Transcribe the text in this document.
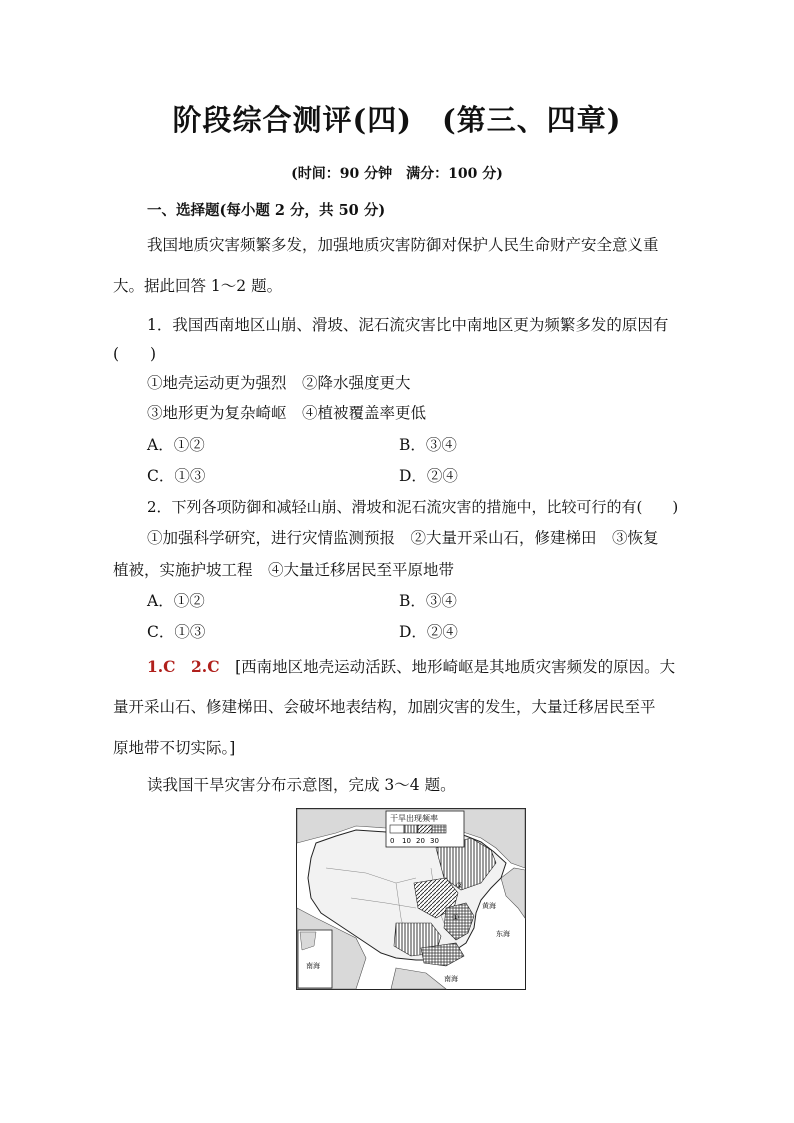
阶段综合测评(四)　(第三、四章)
(时间：90 分钟　满分：100 分)
一、选择题(每小题 2 分，共 50 分)
我国地质灾害频繁多发，加强地质灾害防御对保护人民生命财产安全意义重
大。据此回答 1～2 题。
1．我国西南地区山崩、滑坡、泥石流灾害比中南地区更为频繁多发的原因有
(　　)
①地壳运动更为强烈　②降水强度更大
③地形更为复杂崎岖　④植被覆盖率更低
A．①②	B．③④
C．①③	D．②④
2．下列各项防御和减轻山崩、滑坡和泥石流灾害的措施中，比较可行的有(　　)
①加强科学研究，进行灾情监测预报　②大量开采山石，修建梯田　③恢复
植被，实施护坡工程　④大量迁移居民至平原地带
A．①②	B．③④
C．①③	D．②④
1.C　2.C　 [西南地区地壳运动活跃、地形崎岖是其地质灾害频发的原因。大
量开采山石、修建梯田、会破坏地表结构，加剧灾害的发生，大量迁移居民至平
原地带不切实际。]
读我国干旱灾害分布示意图，完成 3～4 题。
南海
干旱出现频率
0 10 20 30
黄海
东海
南海
①
②
